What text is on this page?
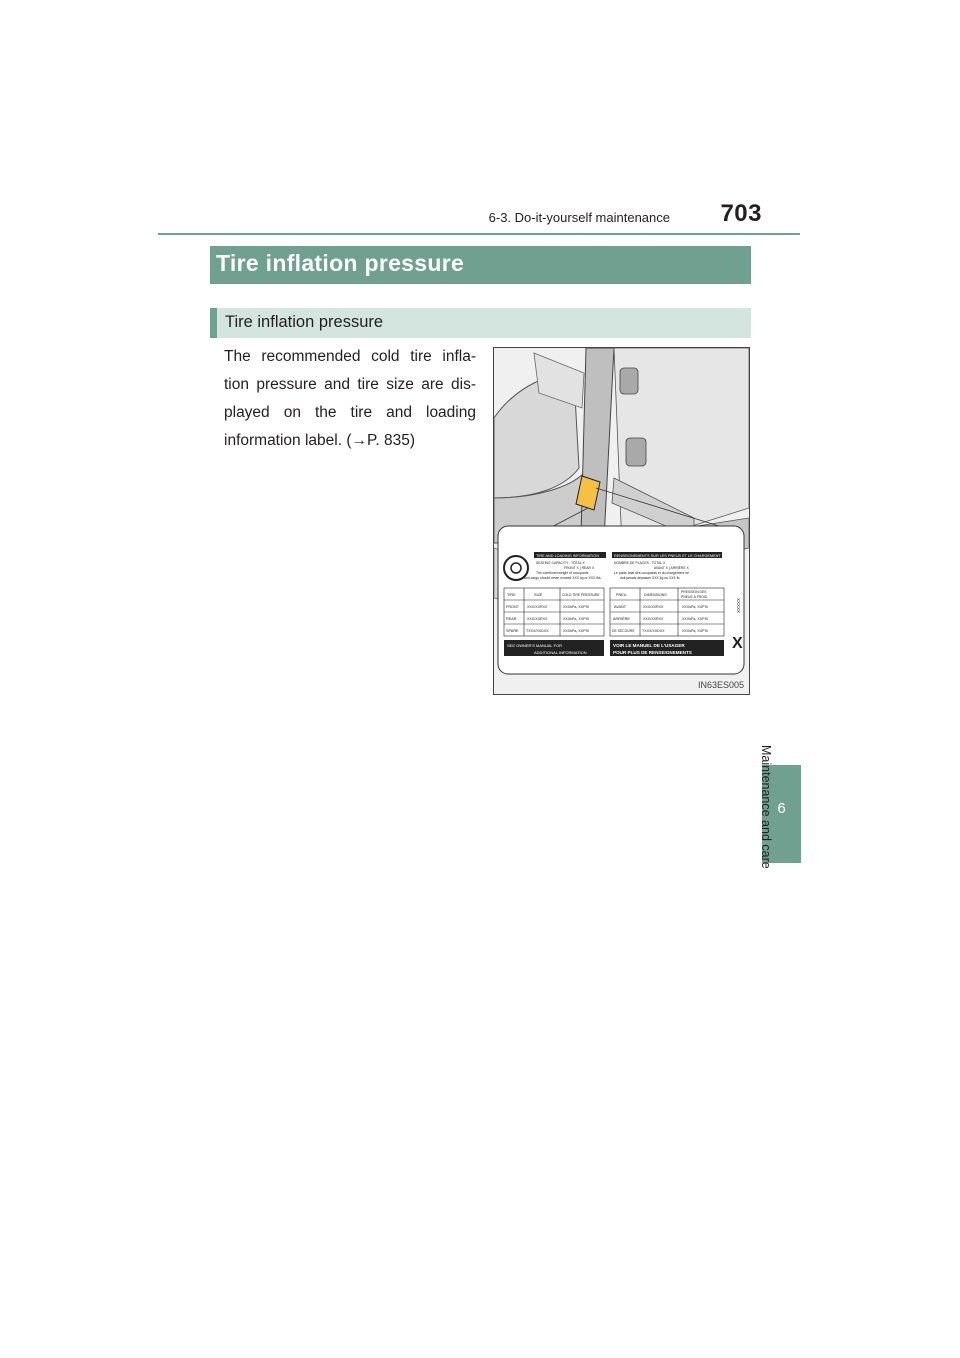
6-3. Do-it-yourself maintenance	703
6
Maintenance and care
Tire inflation pressure
Tire inflation pressure
The recommended cold tire infla-
tion pressure and tire size are dis-
played on the tire and loading
information label. (→P. 835)
X
XXXXX
TIRE AND LOADING INFORMATION
SEATING CAPACITY : TOTAL X
FRONT X | REAR X
The combined weight of occupants
and cargo should never exceed XXX kg or XXX lbs.
RENSEIGNEMENTS SUR LES PNEUS ET LE CHARGEMENT
NOMBRE DE PLACES : TOTAL X
AVANT X | ARRIÈRE X
Le poids total des occupants et du chargement ne
doit jamais dépasser XXX kg ou XXX lb.
TIRE	SIZE	COLD TIRE PRESSURE
FRONT XXX/XXRXX	XXXkPa, XXPSI
REAR	XXX/XXRXX	XXXkPa, XXPSI
SPARE TXXX/XXDXX	XXXkPa, XXPSI
PNEU	DIMENSIONS
PRESSION DES
PNEUS À FROID
AVANT	XXX/XXRXX	XXXkPa, XXPSI
ARRIÈRE	XXX/XXRXX	XXXkPa, XXPSI
DE SECOURS TXXX/XXDXX	XXXkPa, XXPSI
SEE OWNER'S MANUAL FOR
ADDITIONAL INFORMATION
VOIR LE MANUEL DE L'USAGER
POUR PLUS DE RENSEIGNEMENTS
IN63ES005
